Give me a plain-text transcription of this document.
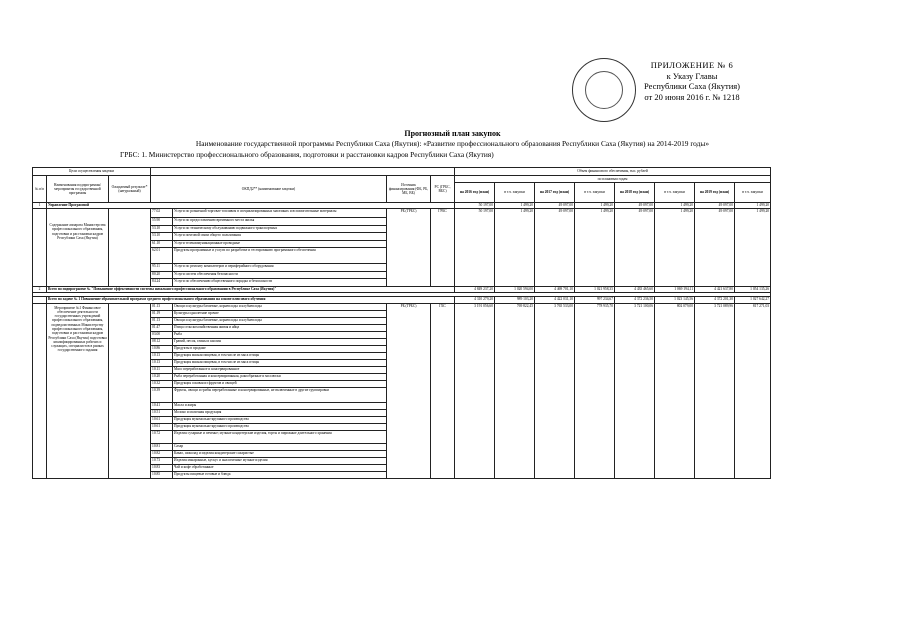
ПРИЛОЖЕНИЕ № 6
к Указу Главы
Республики Саха (Якутия)
от 20 июня 2016 г. № 1218
Прогнозный план закупок
Наименование государственной программы Республики Саха (Якутия): «Развитие профессионального образования Республики Саха (Якутия) на 2014-2019 годы»
ГРБС: 1. Министерство профессионального образования, подготовки и расстановки кадров Республики Саха (Якутия)
Цели осуществления закупки							Объем финансового обеспечения, тыс. рублей							
№ п/п	Наименования подпрограммы/ мероприятия государственной программы	Ожидаемый результат* (натуральный)	ОКПД2** (наименование закупки)		Источник финансирования (ФБ, РБ, МБ, ВБ)	РС (ГРБС, ВБС)	по плановым годам							
							на 2016 год (план)	в т.ч. закупки	на 2017 год (план)	в т.ч. закупки	на 2018 год (план)	в т.ч. закупки	на 2019 год (план)	в т.ч. закупки
1	Управление Программой						50 197,00	1 499,20	49 097,00	1 499,20	49 097,00	1 499,20	49 097,00	1 499,20
	Содержание аппарата Министерства профессионального образования, подготовки и расстановки кадров Республики Саха (Якутия)		77.02	Услуги по розничной торговле топливом в специализированных магазинах и вспомогательные материалы	РБ (ГРБС)	ГРБС	50 197,00	1 499,20	49 097,00	1 499,20	49 097,00	1 499,20	49 097,00	1 499,20
			55.90	Услуги по предоставлению временного места жилья										
			53.10	Услуги по техническому обслуживанию подвижного транспортных										
			53.10	Услуги почтовой связи общего пользования										
			61.10	Услуги телекоммуникационные проводные										
			62.01	Продукты программные и услуги по разработке и тестированию программного обеспечения										
			95.11	Услуги по ремонту компьютеров и периферийного оборудования										
			80.20	Услуги систем обеспечения безопасности										
			84.24	Услуги по обеспечению общественного порядка и безопасности										
2	Всего по подпрограмме № "Повышение эффективности системы начального профессионального образования в Республике Саха (Якутия)"						4 849 237,20	1 020 594,00	4 469 701,10	1 021 958,35	4 435 465,60	1 069 194,11	4 421 637,80	1 054 135,26

	Всего по задаче № 1 Повышение образовательной программ среднего профессионального образования на основе плюсового обучения						4 310 279,20	989 103,20	4 422 031,10	997 234,67	4 372 236,50	1 023 145,56	4 372 201,30	1 027 642,27
	Мероприятие №1 Финансовое обеспечение деятельности государственных учреждений профессионального образования, подведомственных Министерству профессионального образования, подготовки и расстановки кадров Республики Саха (Якутия) подготовка квалифицированных рабочих и служащих, специалистов в рамках государственного задания		01.13	Овощи и культуры бахчевые, корнеплоды и клубнеплоды	РБ (ГРБС)	ГБС	3 191 056,60	769 822,45	3 765 533,00	778 935,70	3 721 100,06	802 079,00	3 721 089,96	817 271,03
			01.19	Культуры однолетние прочие										
			01.13	Овощи и культуры бахчевые, корнеплоды и клубнеплоды										
			01.47	Птица сельскохозяйственная живая и яйца										
			03.00	Рыба										
			08.12	Гравий, песок, глины и каолин										
			10.86	Продукты в продаже										
			10.13	Продукция мясная пищевая, в том числе из мяса птицы										
			10.13	Продукция мясная пищевая, в том числе из мяса птицы										
			10.11	Мясо переработанное и консервированное										
			10.20	Рыба переработанная и консервированная, ракообразные и моллюски										
			10.32	Продукция соковая из фруктов и овощей										
			10.39	Фрукты, овощи и грибы переработанные и консервированные, не включенные в другие группировки										
			10.41	Масла и жиры										
			10.51	Молоко и молочная продукция										
			10.61	Продукция мукомольно-крупяного производства										
			10.61	Продукция мукомольно-крупяного производства										
			10.72	Изделия сухарные и печенье; мучные кондитерские изделия, торты и пирожные длительного хранения										
			10.81	Сахар										
			10.82	Какао, шоколад и изделия кондитерские сахаристые										
			10.73	Изделия макаронные, кускус и аналогичные мучные изделия										
			10.83	Чай и кофе обработанные										
			10.85	Продукты пищевые готовые и блюда										
